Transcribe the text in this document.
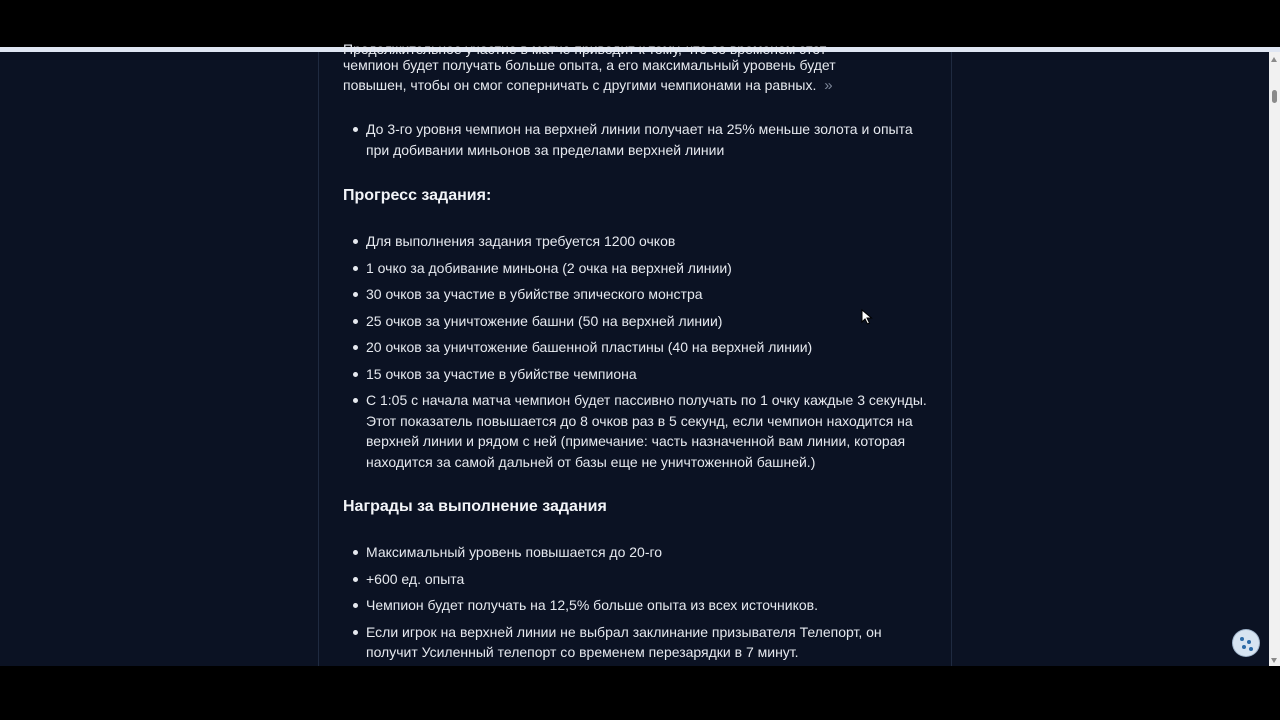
Продолжительное участие в матче приводит к тому, что со временем этот
чемпион будет получать больше опыта, а его максимальный уровень будет
повышен, чтобы он смог соперничать с другими чемпионами на равных. »
До 3-го уровня чемпион на верхней линии получает на 25% меньше золота и опыта при добивании миньонов за пределами верхней линии
Прогресс задания:
Для выполнения задания требуется 1200 очков
1 очко за добивание миньона (2 очка на верхней линии)
30 очков за участие в убийстве эпического монстра
25 очков за уничтожение башни (50 на верхней линии)
20 очков за уничтожение башенной пластины (40 на верхней линии)
15 очков за участие в убийстве чемпиона
С 1:05 с начала матча чемпион будет пассивно получать по 1 очку каждые 3 секунды. Этот показатель повышается до 8 очков раз в 5 секунд, если чемпион находится на верхней линии и рядом с ней (примечание: часть назначенной вам линии, которая находится за самой дальней от базы еще не уничтоженной башней.)
Награды за выполнение задания
Максимальный уровень повышается до 20-го
+600 ед. опыта
Чемпион будет получать на 12,5% больше опыта из всех источников.
Если игрок на верхней линии не выбрал заклинание призывателя Телепорт, он получит Усиленный телепорт со временем перезарядки в 7 минут.
